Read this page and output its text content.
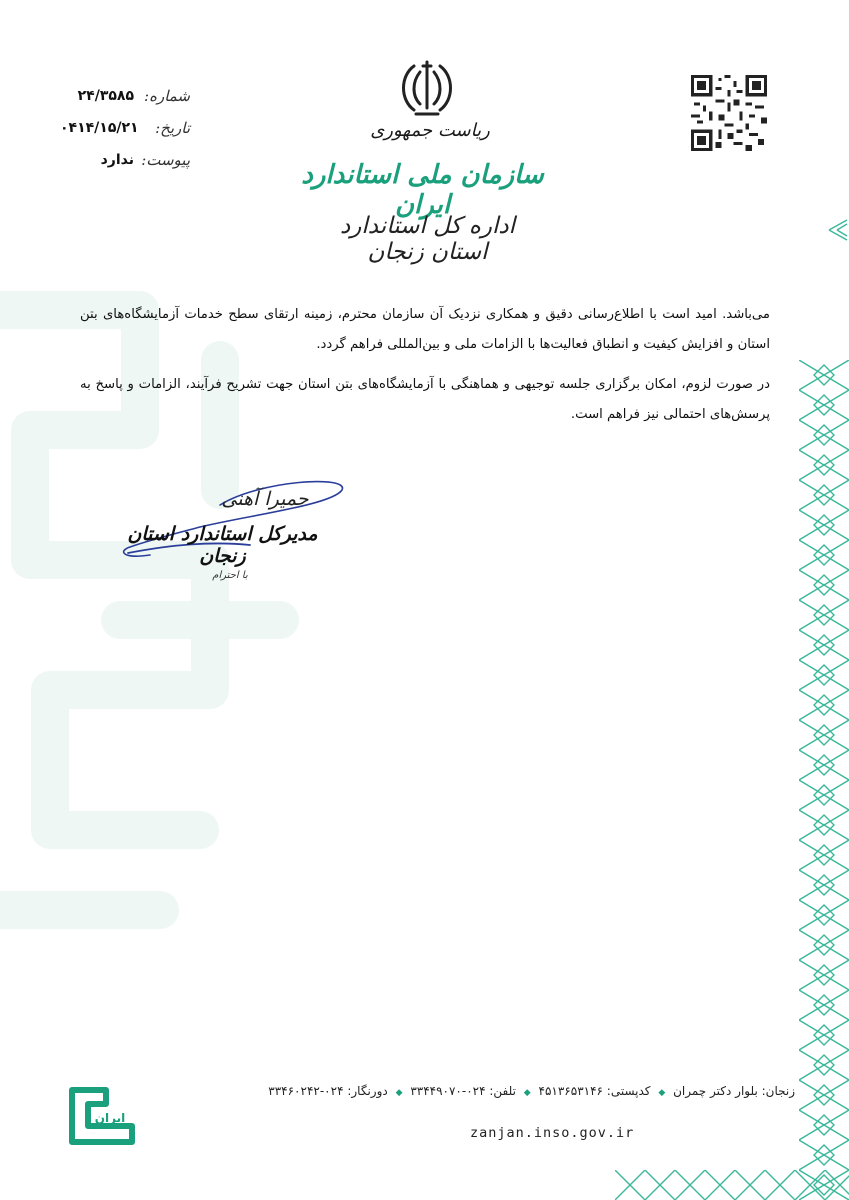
ریاست جمهوری
سازمان ملی استاندارد ایران
اداره کل استاندارد استان زنجان
شماره:
۲۴/۳۵۸۵
تاریخ:
۰۴۱۴/۱۵/۲۱
پیوست:
ندارد

می‌باشد. امید است با اطلاع‌رسانی دقیق و همکاری نزدیک آن سازمان محترم، زمینه ارتقای سطح خدمات آزمایشگاه‌های بتن استان و افزایش کیفیت و انطباق فعالیت‌ها با الزامات ملی و بین‌المللی فراهم گردد.

در صورت لزوم، امکان برگزاری جلسه توجیهی و هماهنگی با آزمایشگاه‌های بتن استان جهت تشریح فرآیند، الزامات و پاسخ به پرسش‌های احتمالی نیز فراهم است.

حمیرا آهنی
مدیرکل استاندارد استان زنجان
با احترام
ایران
زنجان: بلوار دکتر چمران ◆ کدپستی: ۴۵۱۳۶۵۳۱۴۶ ◆ تلفن: ۰۲۴-۳۳۴۴۹۰۷۰ ◆ دورنگار: ۰۲۴-۳۳۴۶۰۲۴۲
zanjan.inso.gov.ir
